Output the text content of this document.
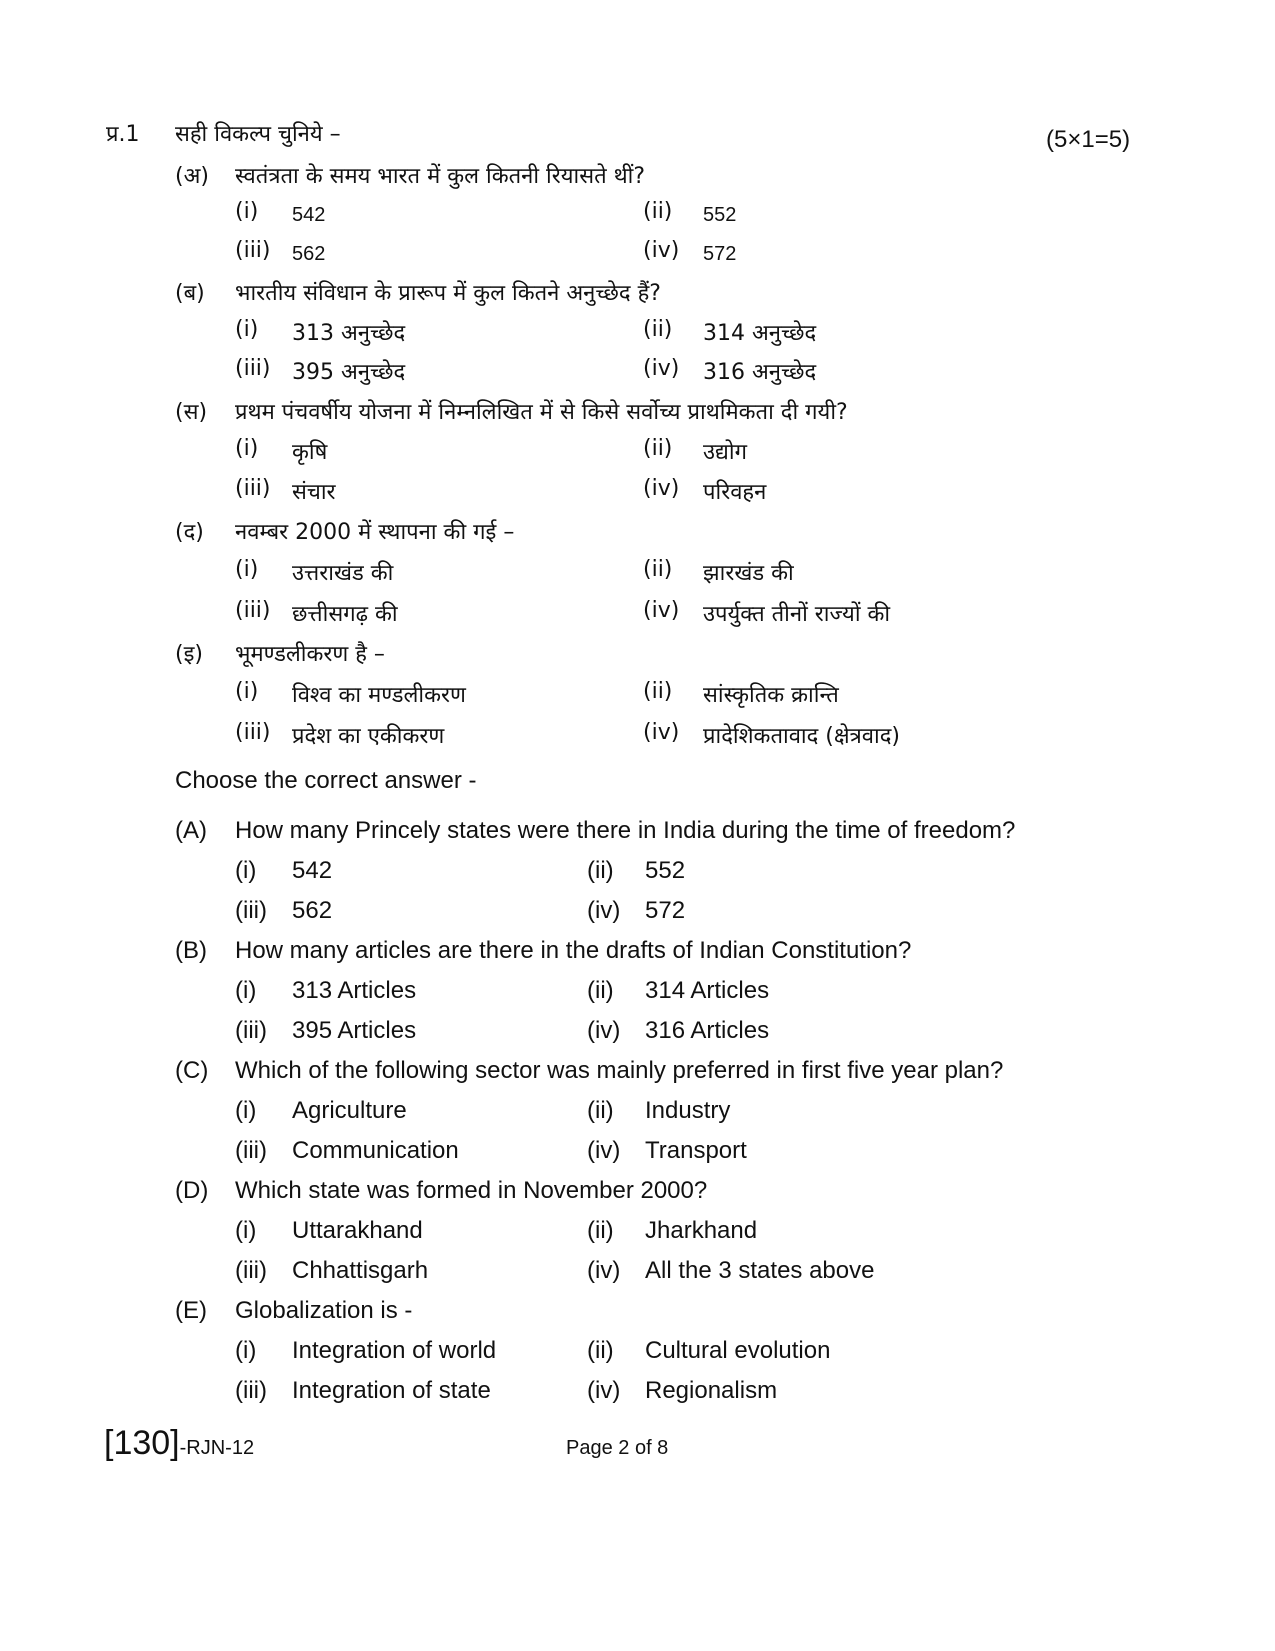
प्र.1 सही विकल्प चुनिये –	(5×1=5)
(अ) स्वतंत्रता के समय भारत में कुल कितनी रियासते थीं?
(i) 542	(ii) 552
(iii) 562	(iv) 572
(ब) भारतीय संविधान के प्रारूप में कुल कितने अनुच्छेद हैं?
(i) 313 अनुच्छेद	(ii) 314 अनुच्छेद
(iii) 395 अनुच्छेद	(iv) 316 अनुच्छेद
(स) प्रथम पंचवर्षीय योजना में निम्नलिखित में से किसे सर्वोच्य प्राथमिकता दी गयी?
(i) कृषि	(ii) उद्योग
(iii) संचार	(iv) परिवहन
(द) नवम्बर 2000 में स्थापना की गई –
(i) उत्तराखंड की	(ii) झारखंड की
(iii) छत्तीसगढ़ की	(iv) उपर्युक्त तीनों राज्यों की
(इ) भूमण्डलीकरण है –
(i) विश्व का मण्डलीकरण	(ii) सांस्कृतिक क्रान्ति
(iii) प्रदेश का एकीकरण	(iv) प्रादेशिकतावाद (क्षेत्रवाद)
Choose the correct answer -
(A) How many Princely states were there in India during the time of freedom?
(i) 542	(ii) 552
(iii) 562	(iv) 572
(B) How many articles are there in the drafts of Indian Constitution?
(i) 313 Articles	(ii) 314 Articles
(iii) 395 Articles	(iv) 316 Articles
(C) Which of the following sector was mainly preferred in first five year plan?
(i) Agriculture	(ii) Industry
(iii) Communication	(iv) Transport
(D) Which state was formed in November 2000?
(i) Uttarakhand	(ii) Jharkhand
(iii) Chhattisgarh	(iv) All the 3 states above
(E) Globalization is -
(i) Integration of world	(ii) Cultural evolution
(iii) Integration of state	(iv) Regionalism
[130]-RJN-12	Page 2 of 8
